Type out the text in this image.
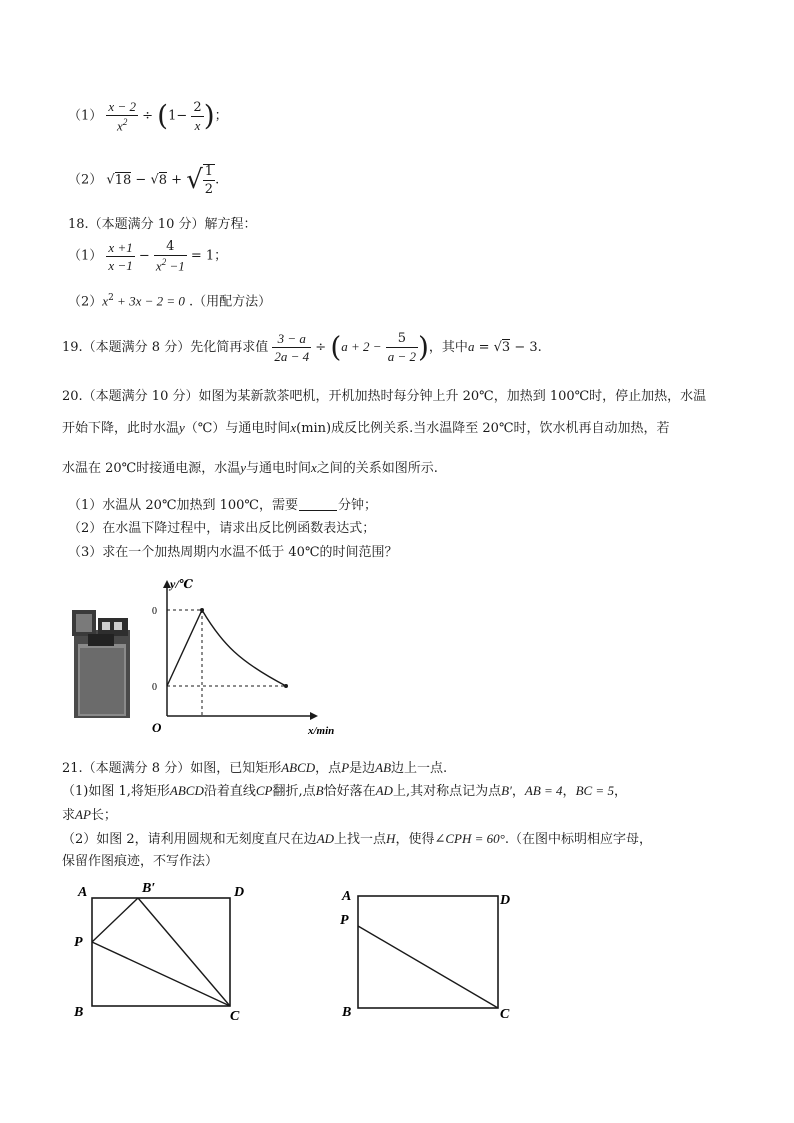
$(1) \frac{x - 2}{x^2} \div (1- \frac{2}{x}$ )；
（2） √18 − √8 + √ $\frac{1}{2}$ .
18.（本题满分 10 分）解方程：
$(1) \frac{x +1}{x -1} - \frac{4}{x^2 -1} = 1$；
$(2)x^2 + 3x - 2 = 0$ .（用配方法）
19.（本题满分 8 分）先化简再求值 $\frac{3 - a}{2a - 4} \div (a + 2 - \frac{5}{a - 2}$ )，其中a = √3 − 3.
20.（本题满分 10 分）如图为某新款茶吧机，开机加热时每分钟上升 20℃，加热到 100℃时，停止加热，水温
开始下降，此时水温y（℃）与通电时间x(min)成反比例关系.当水温降至 20℃时，饮水机再自动加热，若
水温在 20℃时接通电源，水温y与通电时间x之间的关系如图所示.
（1）水温从 20℃加热到 100℃，需要	分钟；
（2）在水温下降过程中，请求出反比例函数表达式；
（3）求在一个加热周期内水温不低于 40℃的时间范围？
y/℃
0
0
O	x/min
21.（本题满分 8 分）如图，已知矩形ABCD，点P是边AB边上一点.
（1)如图 1,将矩形ABCD沿着直线CP翻折,点B恰好落在AD上,其对称点记为点B′，AB = 4，BC = 5，
求AP长；
（2）如图 2，请利用圆规和无刻度直尺在边AD上找一点H，使得∠CPH = 60°.（在图中标明相应字母，
保留作图痕迹，不写作法）
A	B′	D
P
B	C
A	D
P
B	C
